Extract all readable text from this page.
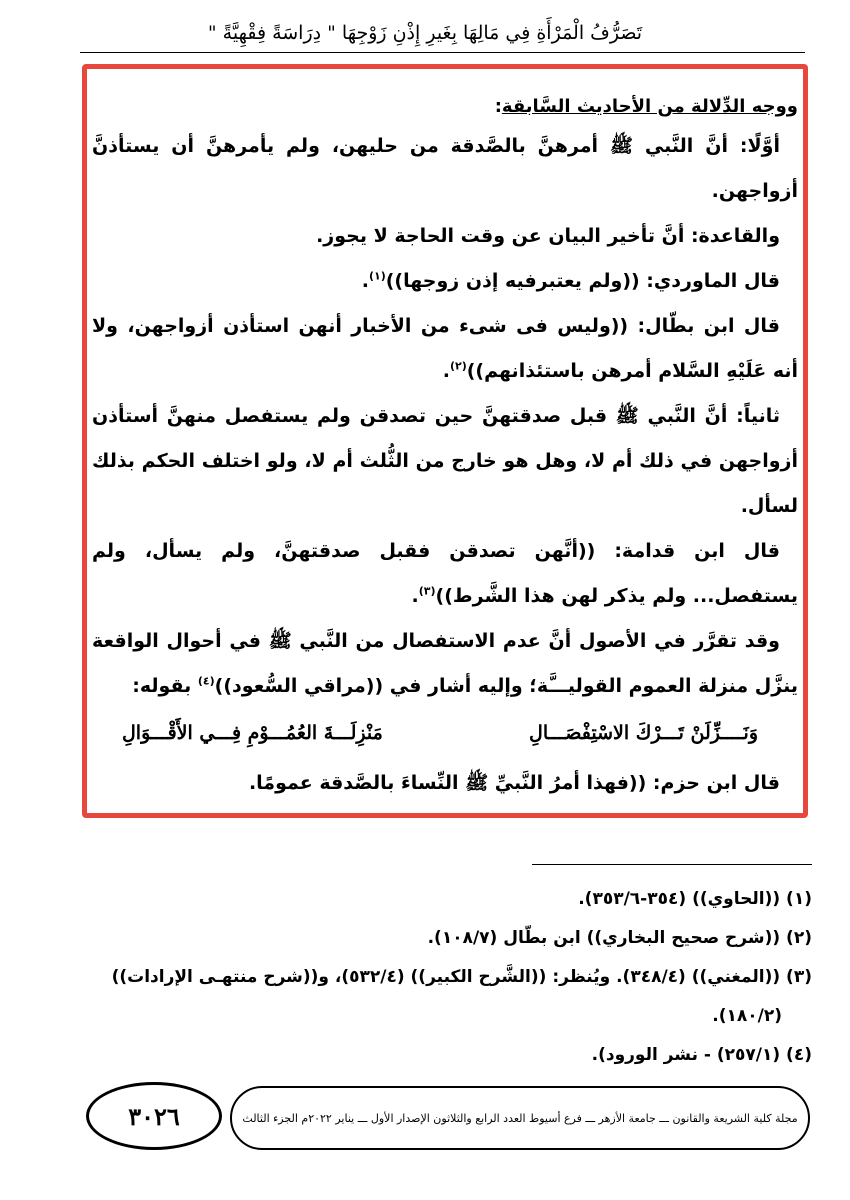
تَصَرُّفُ الْمَرْأَةِ فِي مَالِهَا بِغَيرِ إِذْنِ زَوْجِهَا " دِرَاسَةً فِقْهِيَّةً "

ووجه الدِّلالة من الأحاديث السَّابقة:

أوَّلًا: أنَّ النَّبي ﷺ أمرهنَّ بالصَّدقة من حليهن، ولم يأمرهنَّ أن يستأذنَّ أزواجهن.

والقاعدة: أنَّ تأخير البيان عن وقت الحاجة لا يجوز.

قال الماوردي: ((ولم يعتبرفيه إذن زوجها))$^{(١)}$.

قال ابن بطّال: ((وليس فى شىء من الأخبار أنهن استأذن أزواجهن، ولا أنه عَلَيْهِ السَّلام أمرهن باستئذانهم))$^{(٢)}$.

ثانياً: أنَّ النَّبي ﷺ قبل صدقتهنَّ حين تصدقن ولم يستفصل منهنَّ أستأذن أزواجهن في ذلك أم لا، وهل هو خارج من الثُّلث أم لا، ولو اختلف الحكم بذلك لسأل.

قال ابن قدامة: ((أنَّهن تصدقن فقبل صدقتهنَّ، ولم يسأل، ولم يستفصل... ولم يذكر لهن هذا الشَّرط))$^{(٣)}$.

وقد تقرَّر في الأصول أنَّ عدم الاستفصال من النَّبي ﷺ في أحوال الواقعة ينزَّل منزلة العموم القوليـــَّة؛ وإليه أشار في ((مراقي السُّعود))$^{(٤)}$ بقوله:

وَنَــــزِّلَنْ تَـــرْكَ الاسْتِفْصَـــالِ
مَنْزِلَـــةَ العُمُـــوْمِ فِـــي الأَقْـــوَالِ

قال ابن حزم: ((فهذا أمرُ النَّبيِّ ﷺ النِّساءَ بالصَّدقة عمومًا.

(١) ((الحاوي)) (٣٥٤-٣٥٣/٦).

(٢) ((شرح صحيح البخاري)) ابن بطّال (١٠٨/٧).

(٣) ((المغني)) (٣٤٨/٤). ويُنظر: ((الشَّرح الكبير)) (٥٣٢/٤)، و((شرح منتهـى الإرادات))

(١٨٠/٢).

(٤) (٢٥٧/١) - نشر الورود).

٣٠٢٦	مجلة كلية الشريعة والقانون ـــ جامعة الأزهر ـــ فرع أسيوط العدد الرابع والثلاثون الإصدار الأول ـــ يناير ٢٠٢٢م الجزء الثالث
